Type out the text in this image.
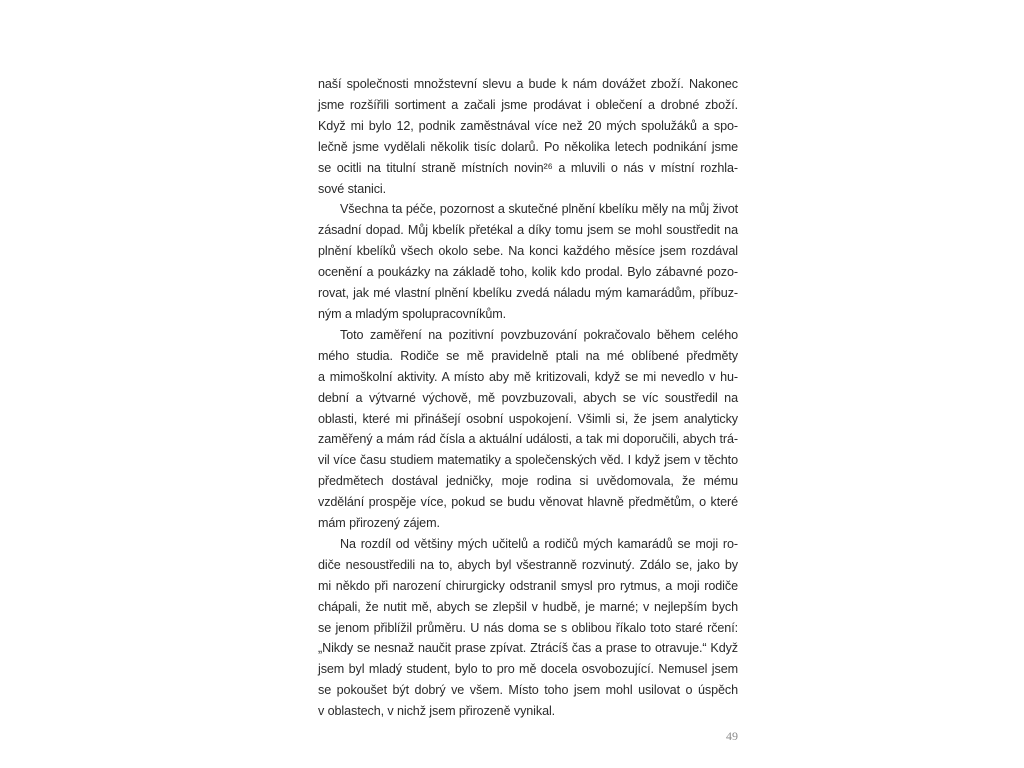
naší společnosti množstevní slevu a bude k nám dovážet zboží. Nakonec
jsme rozšířili sortiment a začali jsme prodávat i oblečení a drobné zboží.
Když mi bylo 12, podnik zaměstnával více než 20 mých spolužáků a spo-
lečně jsme vydělali několik tisíc dolarů. Po několika letech podnikání jsme
se ocitli na titulní straně místních novin²⁶ a mluvili o nás v místní rozhla-
sové stanici.
Všechna ta péče, pozornost a skutečné plnění kbelíku měly na můj život
zásadní dopad. Můj kbelík přetékal a díky tomu jsem se mohl soustředit na
plnění kbelíků všech okolo sebe. Na konci každého měsíce jsem rozdával
ocenění a poukázky na základě toho, kolik kdo prodal. Bylo zábavné pozo-
rovat, jak mé vlastní plnění kbelíku zvedá náladu mým kamarádům, příbuz-
ným a mladým spolupracovníkům.
Toto zaměření na pozitivní povzbuzování pokračovalo během celého
mého studia. Rodiče se mě pravidelně ptali na mé oblíbené předměty
a mimoškolní aktivity. A místo aby mě kritizovali, když se mi nevedlo v hu-
dební a výtvarné výchově, mě povzbuzovali, abych se víc soustředil na
oblasti, které mi přinášejí osobní uspokojení. Všimli si, že jsem analyticky
zaměřený a mám rád čísla a aktuální události, a tak mi doporučili, abych trá-
vil více času studiem matematiky a společenských věd. I když jsem v těchto
předmětech dostával jedničky, moje rodina si uvědomovala, že mému
vzdělání prospěje více, pokud se budu věnovat hlavně předmětům, o které
mám přirozený zájem.
Na rozdíl od většiny mých učitelů a rodičů mých kamarádů se moji ro-
diče nesoustředili na to, abych byl všestranně rozvinutý. Zdálo se, jako by
mi někdo při narození chirurgicky odstranil smysl pro rytmus, a moji rodiče
chápali, že nutit mě, abych se zlepšil v hudbě, je marné; v nejlepším bych
se jenom přiblížil průměru. U nás doma se s oblibou říkalo toto staré rčení:
„Nikdy se nesnaž naučit prase zpívat. Ztrácíš čas a prase to otravuje.“ Když
jsem byl mladý student, bylo to pro mě docela osvobozující. Nemusel jsem
se pokoušet být dobrý ve všem. Místo toho jsem mohl usilovat o úspěch
v oblastech, v nichž jsem přirozeně vynikal.
49
